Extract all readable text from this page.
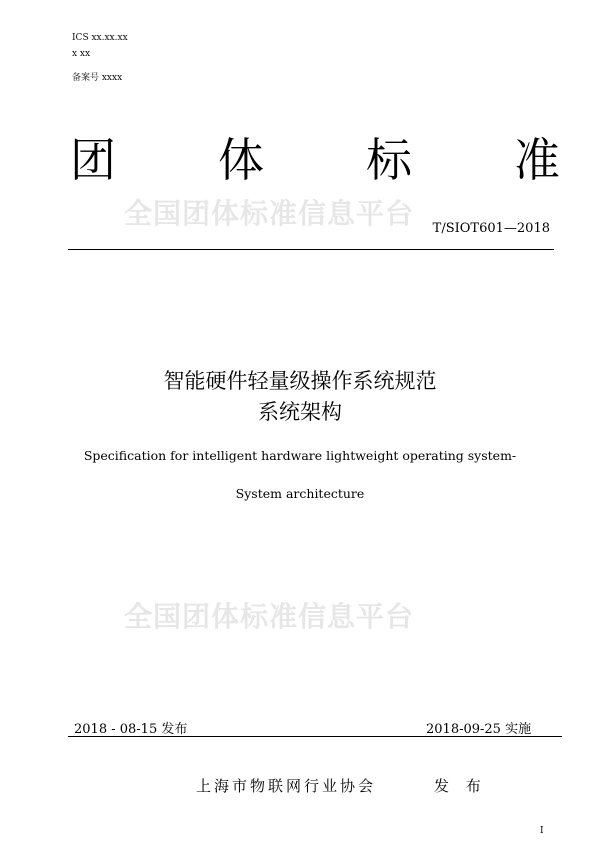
ICS xx.xx.xx
x xx
备案号 xxxx
团 体 标 准
全国团体标准信息平台 T/SIOT601—2018
智能硬件轻量级操作系统规范
系统架构
Specification for intelligent hardware lightweight operating system-
System architecture
全国团体标准信息平台
2018 - 08-15 发布	2018-09-25 实施
上海市物联网行业协会	发 布
I
